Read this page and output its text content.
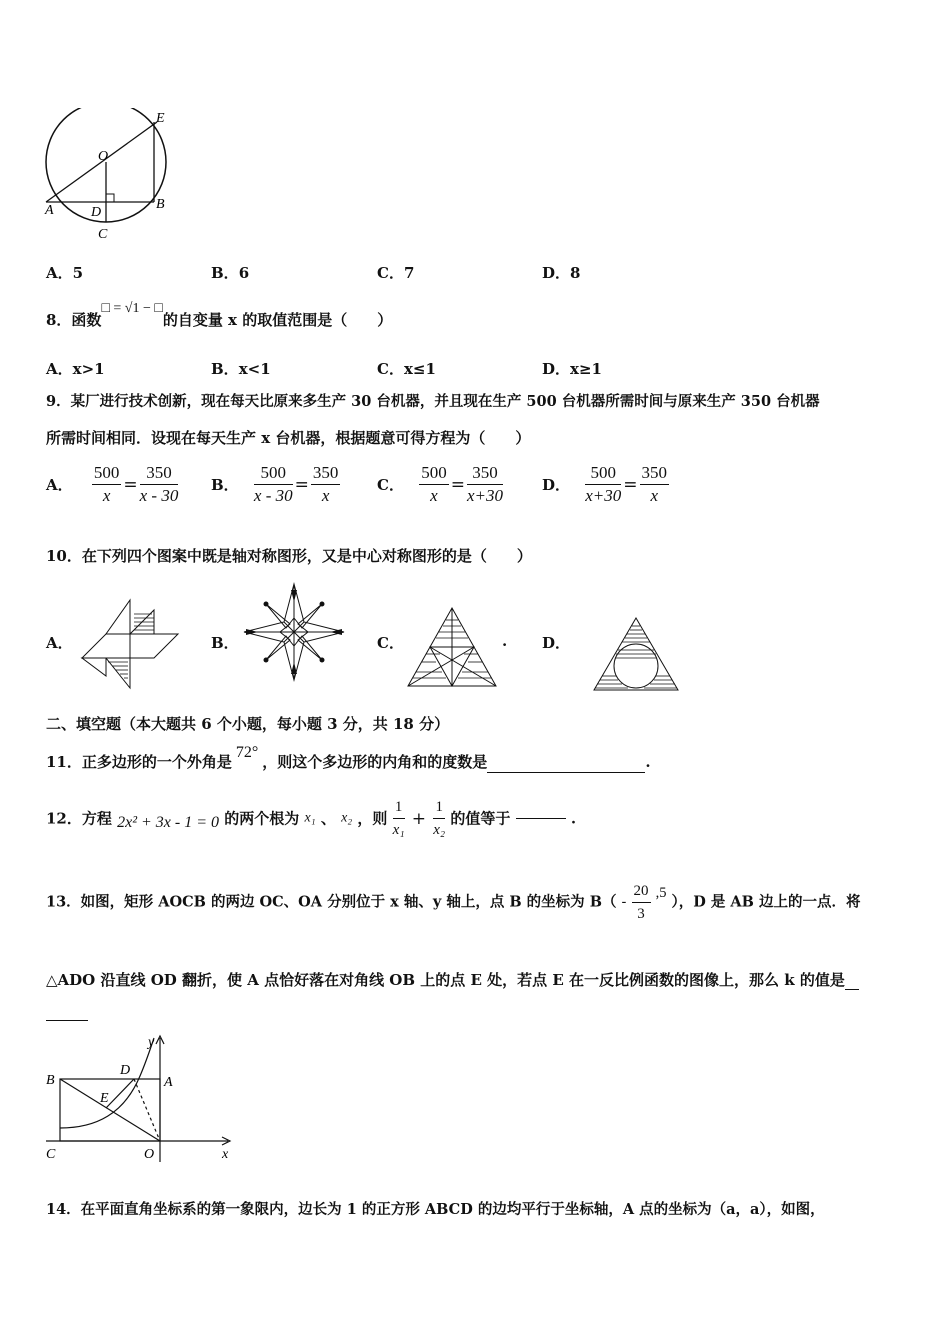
E
O
A	D
B
C
A．5	B．6	C．7	D．8
8．函数□ = √1 − □的自变量 x 的取值范围是（　　）
A．x>1	B．x<1	C．x≤1	D．x≥1
9．某厂进行技术创新，现在每天比原来多生产 30 台机器，并且现在生产 500 台机器所需时间与原来生产 350 台机器
所需时间相同．设现在每天生产 x 台机器，根据题意可得方程为（　　）
A． $\frac{500}{x} = \frac{350}{x - 30}$ B． $\frac{500}{x - 30} = \frac{350}{x}$ C． $\frac{500}{x} = \frac{350}{x+30}$	D． $\frac{500}{x+30} = \frac{350}{x}$
10．在下列四个图案中既是轴对称图形，又是中心对称图形的是（　　）
A．	B．	C．	. D．
二、填空题（本大题共 6 个小题，每小题 3 分，共 18 分）
11．正多边形的一个外角是72°，则这个多边形的内角和的度数是	.
12．方程 2x² + 3x - 1 = 0 的两个根为 x₁ 、 x₂ ，则 $\frac{1}{\text{x₁}} + \frac{1}{\text{x₂}}$ 的值等于	.
13．如图，矩形 AOCB 的两边 OC、OA 分别位于 x 轴、y 轴上，点 B 的坐标为 $B( - \frac{20}{3} ,5$ ），D 是 AB 边上的一点．将
△ADO 沿直线 OD 翻折，使 A 点恰好落在对角线 OB 上的点 E 处，若点 E 在一反比例函数的图像上，那么 k 的值是
y
B
D
A
E
C	O	x
14．在平面直角坐标系的第一象限内，边长为 1 的正方形 ABCD 的边均平行于坐标轴，A 点的坐标为（a，a），如图，
